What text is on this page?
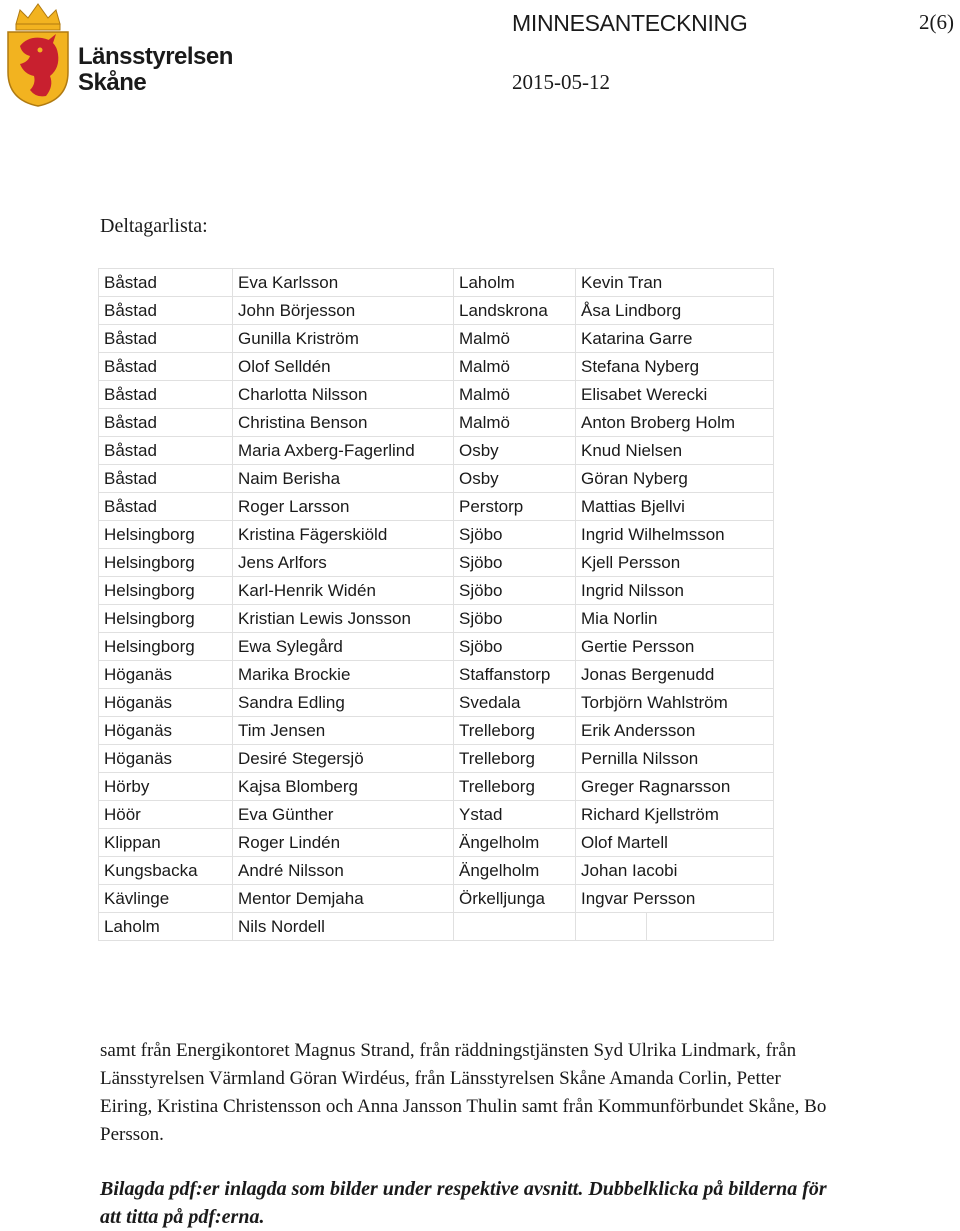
Länsstyrelsen
Skåne
MINNESANTECKNING
2015-05-12
2(6)
Deltagarlista:
Båstad	Eva Karlsson	Laholm	Kevin Tran
Båstad	John Börjesson	Landskrona	Åsa Lindborg
Båstad	Gunilla Kriström	Malmö	Katarina Garre
Båstad	Olof Selldén	Malmö	Stefana Nyberg
Båstad	Charlotta Nilsson	Malmö	Elisabet Werecki
Båstad	Christina Benson	Malmö	Anton Broberg Holm
Båstad	Maria Axberg-Fagerlind	Osby	Knud Nielsen
Båstad	Naim Berisha	Osby	Göran Nyberg
Båstad	Roger Larsson	Perstorp	Mattias Bjellvi
Helsingborg	Kristina Fägerskiöld	Sjöbo	Ingrid Wilhelmsson
Helsingborg	Jens Arlfors	Sjöbo	Kjell Persson
Helsingborg	Karl-Henrik Widén	Sjöbo	Ingrid Nilsson
Helsingborg	Kristian Lewis Jonsson	Sjöbo	Mia Norlin
Helsingborg	Ewa Sylegård	Sjöbo	Gertie Persson
Höganäs	Marika Brockie	Staffanstorp	Jonas Bergenudd
Höganäs	Sandra Edling	Svedala	Torbjörn Wahlström
Höganäs	Tim Jensen	Trelleborg	Erik Andersson
Höganäs	Desiré Stegersjö	Trelleborg	Pernilla Nilsson
Hörby	Kajsa Blomberg	Trelleborg	Greger Ragnarsson
Höör	Eva Günther	Ystad	Richard Kjellström
Klippan	Roger Lindén	Ängelholm	Olof Martell
Kungsbacka	André Nilsson	Ängelholm	Johan Iacobi
Kävlinge	Mentor Demjaha	Örkelljunga	Ingvar Persson
Laholm	Nils Nordell		
samt från Energikontoret Magnus Strand, från räddningstjänsten Syd Ulrika Lindmark, från Länsstyrelsen Värmland Göran Wirdéus, från Länsstyrelsen Skåne Amanda Corlin, Petter Eiring, Kristina Christensson och Anna Jansson Thulin samt från Kommunförbundet Skåne, Bo Persson.
Bilagda pdf:er inlagda som bilder under respektive avsnitt. Dubbelklicka på bilderna för att titta på pdf:erna.
